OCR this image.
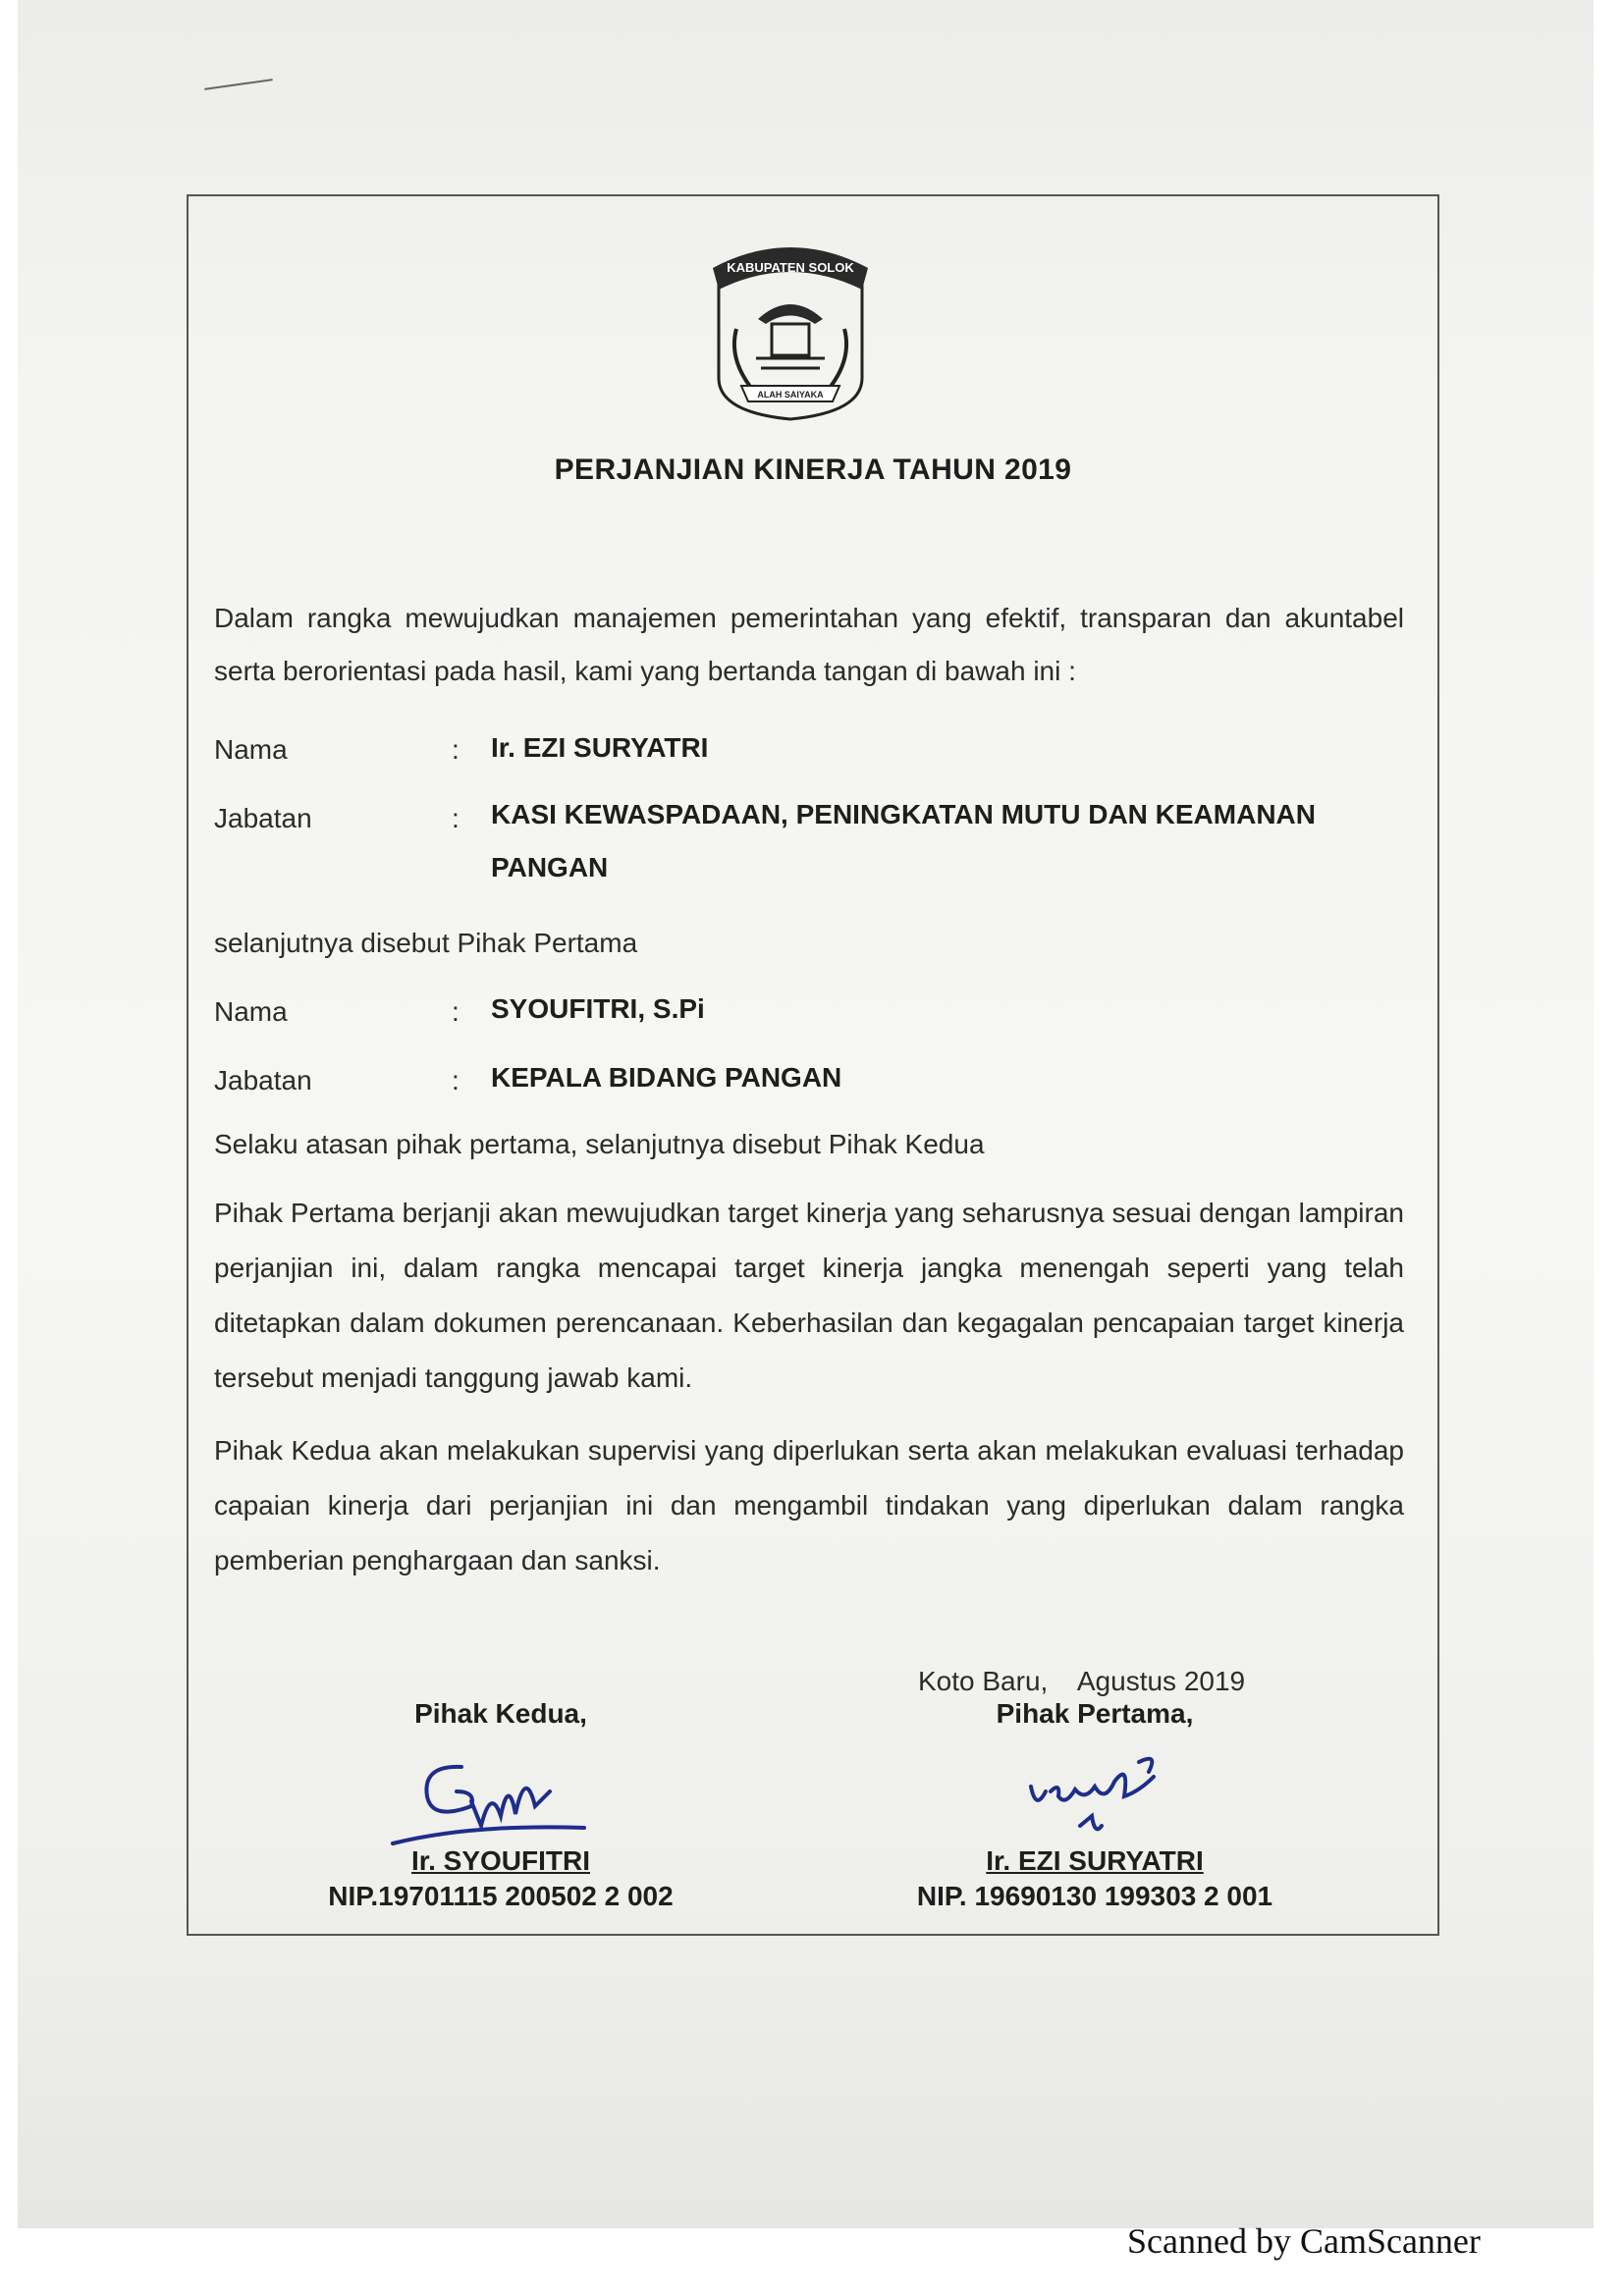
KABUPATEN SOLOK
ALAH SAIYAKA
PERJANJIAN KINERJA TAHUN 2019
Dalam rangka mewujudkan manajemen pemerintahan yang efektif, transparan dan akuntabel serta berorientasi pada hasil, kami yang bertanda tangan di bawah ini :
Nama	: Ir. EZI SURYATRI
Jabatan	: KASI KEWASPADAAN, PENINGKATAN MUTU DAN KEAMANAN PANGAN
selanjutnya disebut Pihak Pertama
Nama	: SYOUFITRI, S.Pi
Jabatan	: KEPALA BIDANG PANGAN
Selaku atasan pihak pertama, selanjutnya disebut Pihak Kedua
Pihak Pertama berjanji akan mewujudkan target kinerja yang seharusnya sesuai dengan lampiran perjanjian ini, dalam rangka mencapai target kinerja jangka menengah seperti yang telah ditetapkan dalam dokumen perencanaan. Keberhasilan dan kegagalan pencapaian target kinerja tersebut menjadi tanggung jawab kami.
Pihak Kedua akan melakukan supervisi yang diperlukan serta akan melakukan evaluasi terhadap capaian kinerja dari perjanjian ini dan mengambil tindakan yang diperlukan dalam rangka pemberian penghargaan dan sanksi.
Koto Baru,    Agustus 2019
Pihak Kedua,
Ir. SYOUFITRI
NIP.19701115 200502 2 002
Pihak Pertama,
Ir. EZI SURYATRI
NIP. 19690130 199303 2 001
Scanned by CamScanner
